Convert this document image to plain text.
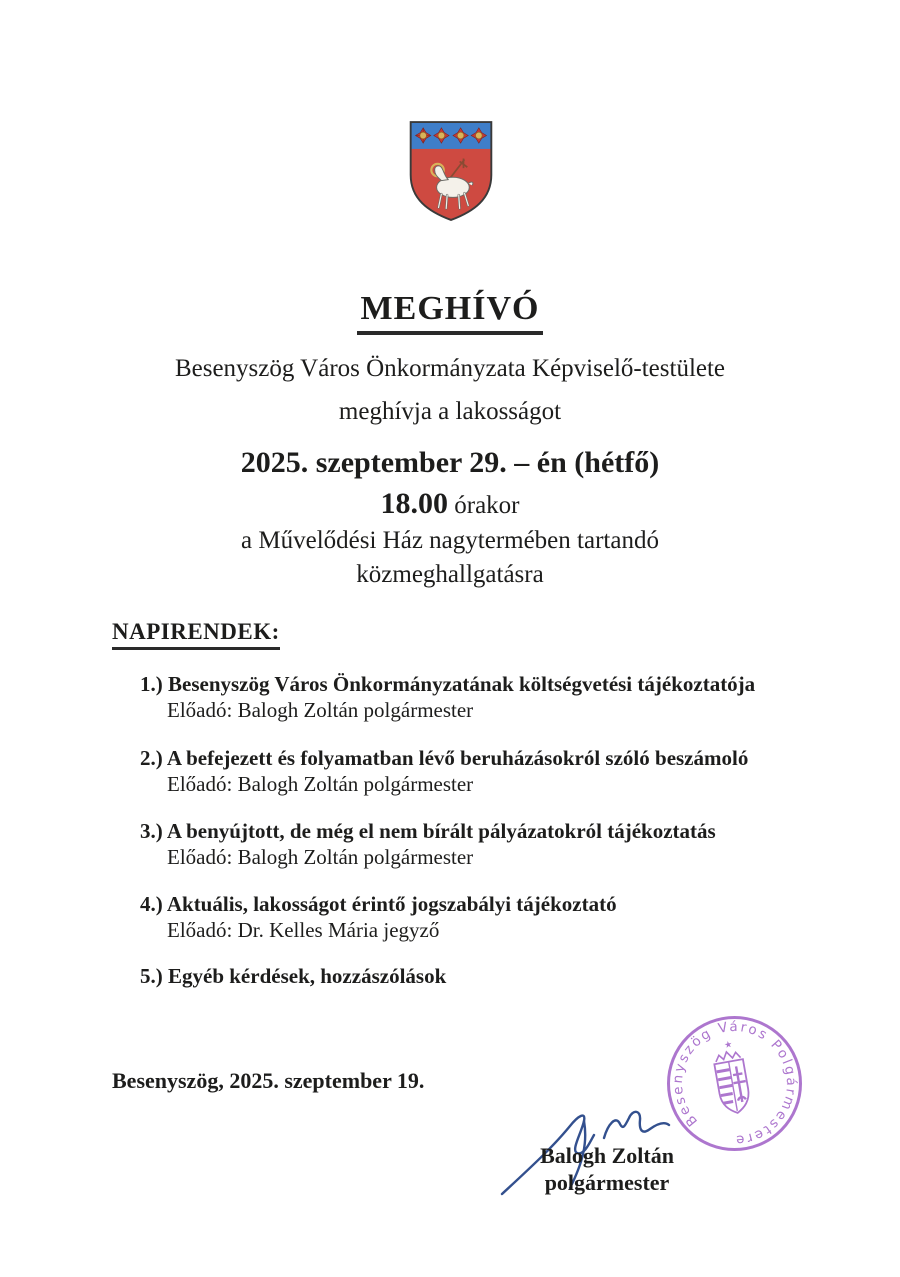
MEGHÍVÓ
Besenyszög Város Önkormányzata Képviselő-testülete
meghívja a lakosságot
2025. szeptember 29. – én (hétfő)
18.00 órakor
a Művelődési Ház nagytermében tartandó
közmeghallgatásra
NAPIRENDEK:
1.) Besenyszög Város Önkormányzatának költségvetési tájékoztatója
Előadó: Balogh Zoltán polgármester
2.) A befejezett és folyamatban lévő beruházásokról szóló beszámoló
Előadó: Balogh Zoltán polgármester
3.) A benyújtott, de még el nem bírált pályázatokról tájékoztatás
Előadó: Balogh Zoltán polgármester
4.) Aktuális, lakosságot érintő jogszabályi tájékoztató
Előadó: Dr. Kelles Mária jegyző
5.) Egyéb kérdések, hozzászólások
Besenyszög, 2025. szeptember 19.
Besenyszög Város Polgármestere
★
Balogh Zoltán
polgármester
